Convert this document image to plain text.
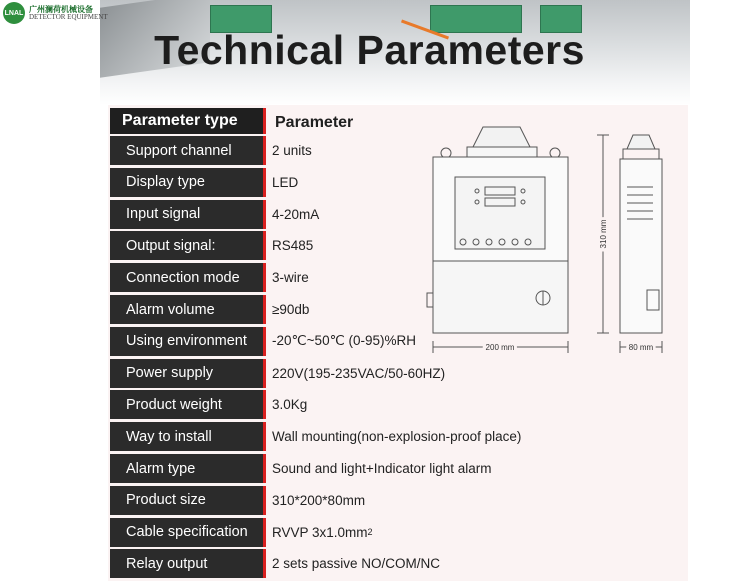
LNAL 广州澜荷机械设备
DETECTOR EQUIPMENT
Technical Parameters
Parameter type	Parameter
Support channel	2 units
Display type	LED
Input signal	4-20mA
Output signal:	RS485
Connection mode	3-wire
Alarm volume	≥90db
Using environment	-20℃~50℃ (0-95)%RH
Power supply	220V(195-235VAC/50-60HZ)
Product weight	3.0Kg
Way to install	Wall mounting(non-explosion-proof place)
Alarm type	Sound and light+Indicator light alarm
Product size	310*200*80mm
Cable specification	RVVP 3x1.0mm 2
Relay output	2 sets passive NO/COM/NC
200 mm	80 mm
310 mm
